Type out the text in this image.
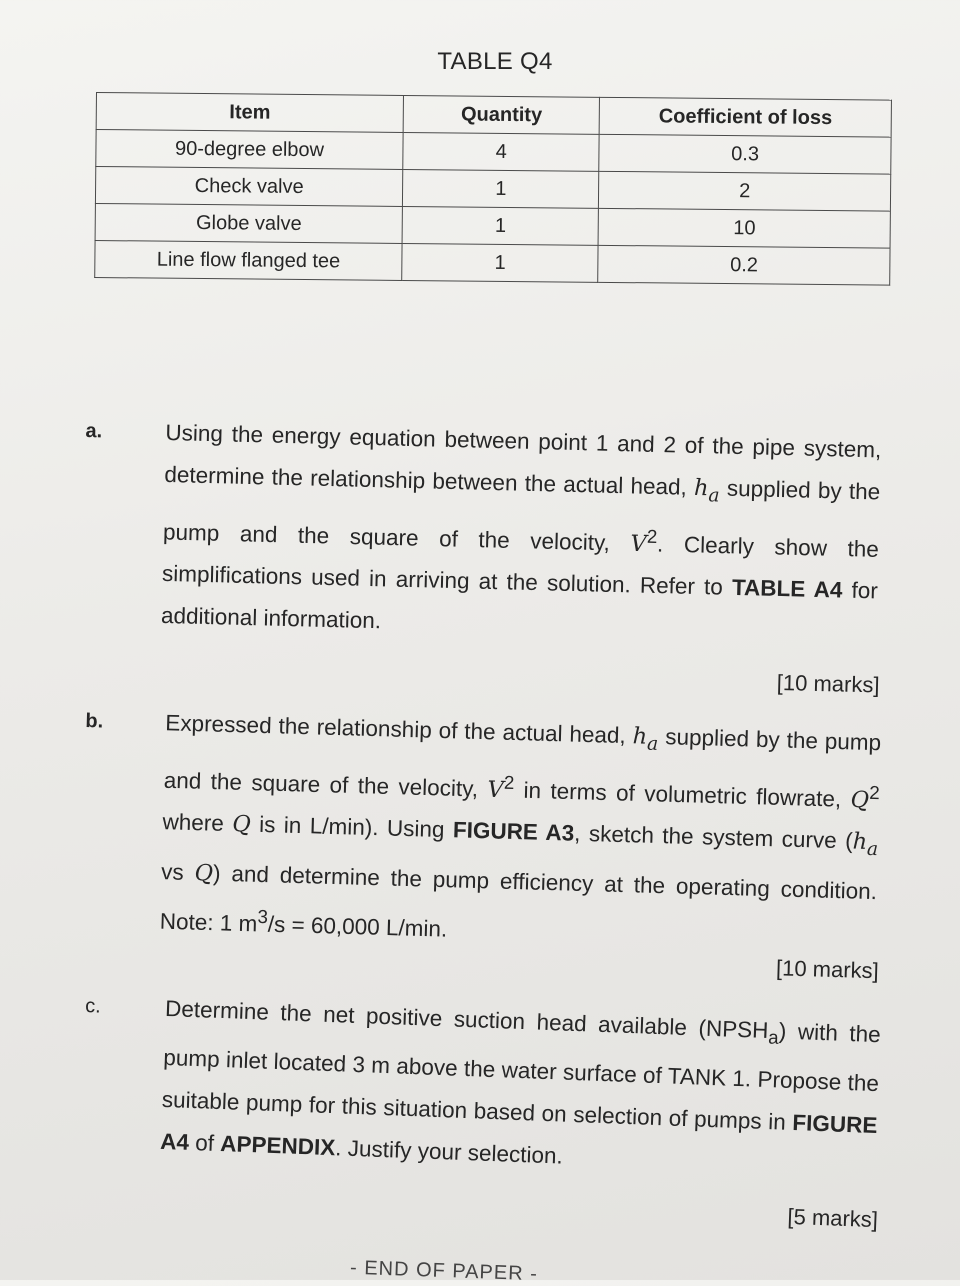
TABLE Q4
Item	Quantity	Coefficient of loss
90-degree elbow	4	0.3
Check valve	1	2
Globe valve	1	10
Line flow flanged tee	1	0.2
a.	Using the energy equation between point 1 and 2 of the pipe system, determine the relationship between the actual head, $h_a$ supplied by the pump and the square of the velocity, $V^2$. Clearly show the simplifications used in arriving at the solution. Refer to TABLE A4 for additional information.

[10 marks]
b.	Expressed the relationship of the actual head, $h_a$ supplied by the pump and the square of the velocity, $V^2$ in terms of volumetric flowrate, $Q^2$ where Q is in L/min). Using FIGURE A3, sketch the system curve ($h_a$ vs Q) and determine the pump efficiency at the operating condition. Note: 1 $m^3/s = 60,000$ L/min.

[10 marks]
c.	Determine the net positive suction head available $(NPSH_a)$ with the pump inlet located 3 m above the water surface of TANK 1. Propose the suitable pump for this situation based on selection of pumps in FIGURE A4 of APPENDIX. Justify your selection.

[5 marks]
- END OF PAPER -
